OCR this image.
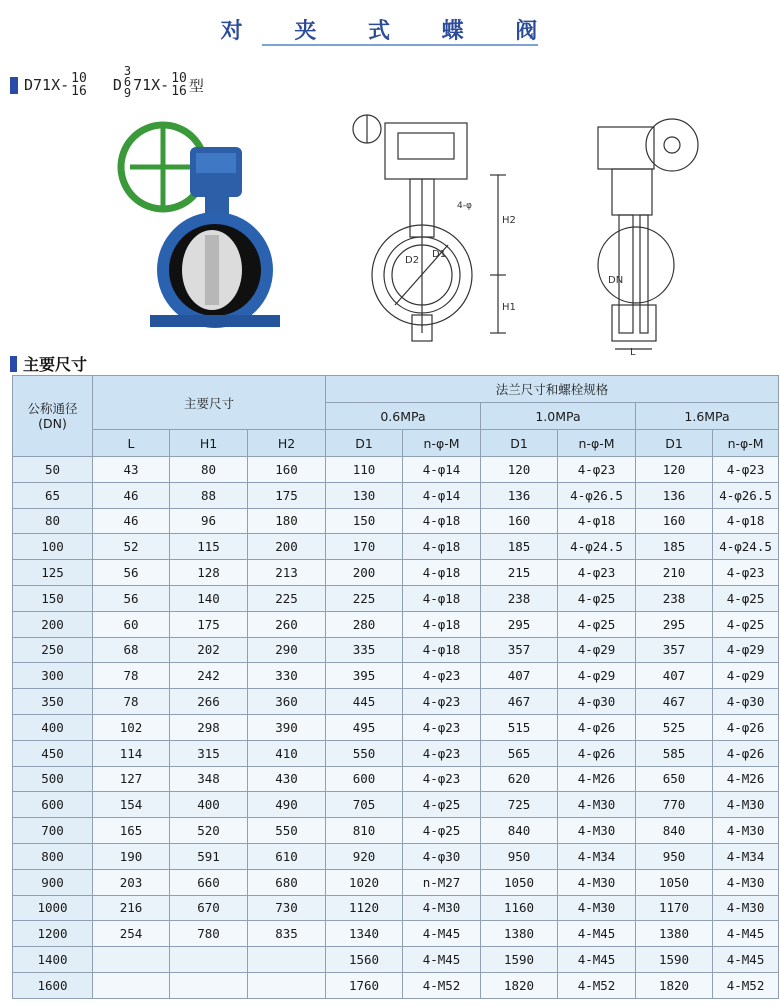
对 夹 式 蝶 阀
D71X- 10
16 D
3
6
9 71X- 10
16 型
4-φ
D2
D1
H2
H1
DN
L
主要尺寸
公称通径
(DN)	主要尺寸			法兰尺寸和螺栓规格					
				0.6MPa		1.0MPa		1.6MPa	
	L	H1	H2	D1	n-φ-M	D1	n-φ-M	D1	n-φ-M
50	43	80	160	110	4-φ14	120	4-φ23	120	4-φ23
65	46	88	175	130	4-φ14	136	4-φ26.5	136	4-φ26.5
80	46	96	180	150	4-φ18	160	4-φ18	160	4-φ18
100	52	115	200	170	4-φ18	185	4-φ24.5	185	4-φ24.5
125	56	128	213	200	4-φ18	215	4-φ23	210	4-φ23
150	56	140	225	225	4-φ18	238	4-φ25	238	4-φ25
200	60	175	260	280	4-φ18	295	4-φ25	295	4-φ25
250	68	202	290	335	4-φ18	357	4-φ29	357	4-φ29
300	78	242	330	395	4-φ23	407	4-φ29	407	4-φ29
350	78	266	360	445	4-φ23	467	4-φ30	467	4-φ30
400	102	298	390	495	4-φ23	515	4-φ26	525	4-φ26
450	114	315	410	550	4-φ23	565	4-φ26	585	4-φ26
500	127	348	430	600	4-φ23	620	4-M26	650	4-M26
600	154	400	490	705	4-φ25	725	4-M30	770	4-M30
700	165	520	550	810	4-φ25	840	4-M30	840	4-M30
800	190	591	610	920	4-φ30	950	4-M34	950	4-M34
900	203	660	680	1020	n-M27	1050	4-M30	1050	4-M30
1000	216	670	730	1120	4-M30	1160	4-M30	1170	4-M30
1200	254	780	835	1340	4-M45	1380	4-M45	1380	4-M45
1400				1560	4-M45	1590	4-M45	1590	4-M45
1600				1760	4-M52	1820	4-M52	1820	4-M52
